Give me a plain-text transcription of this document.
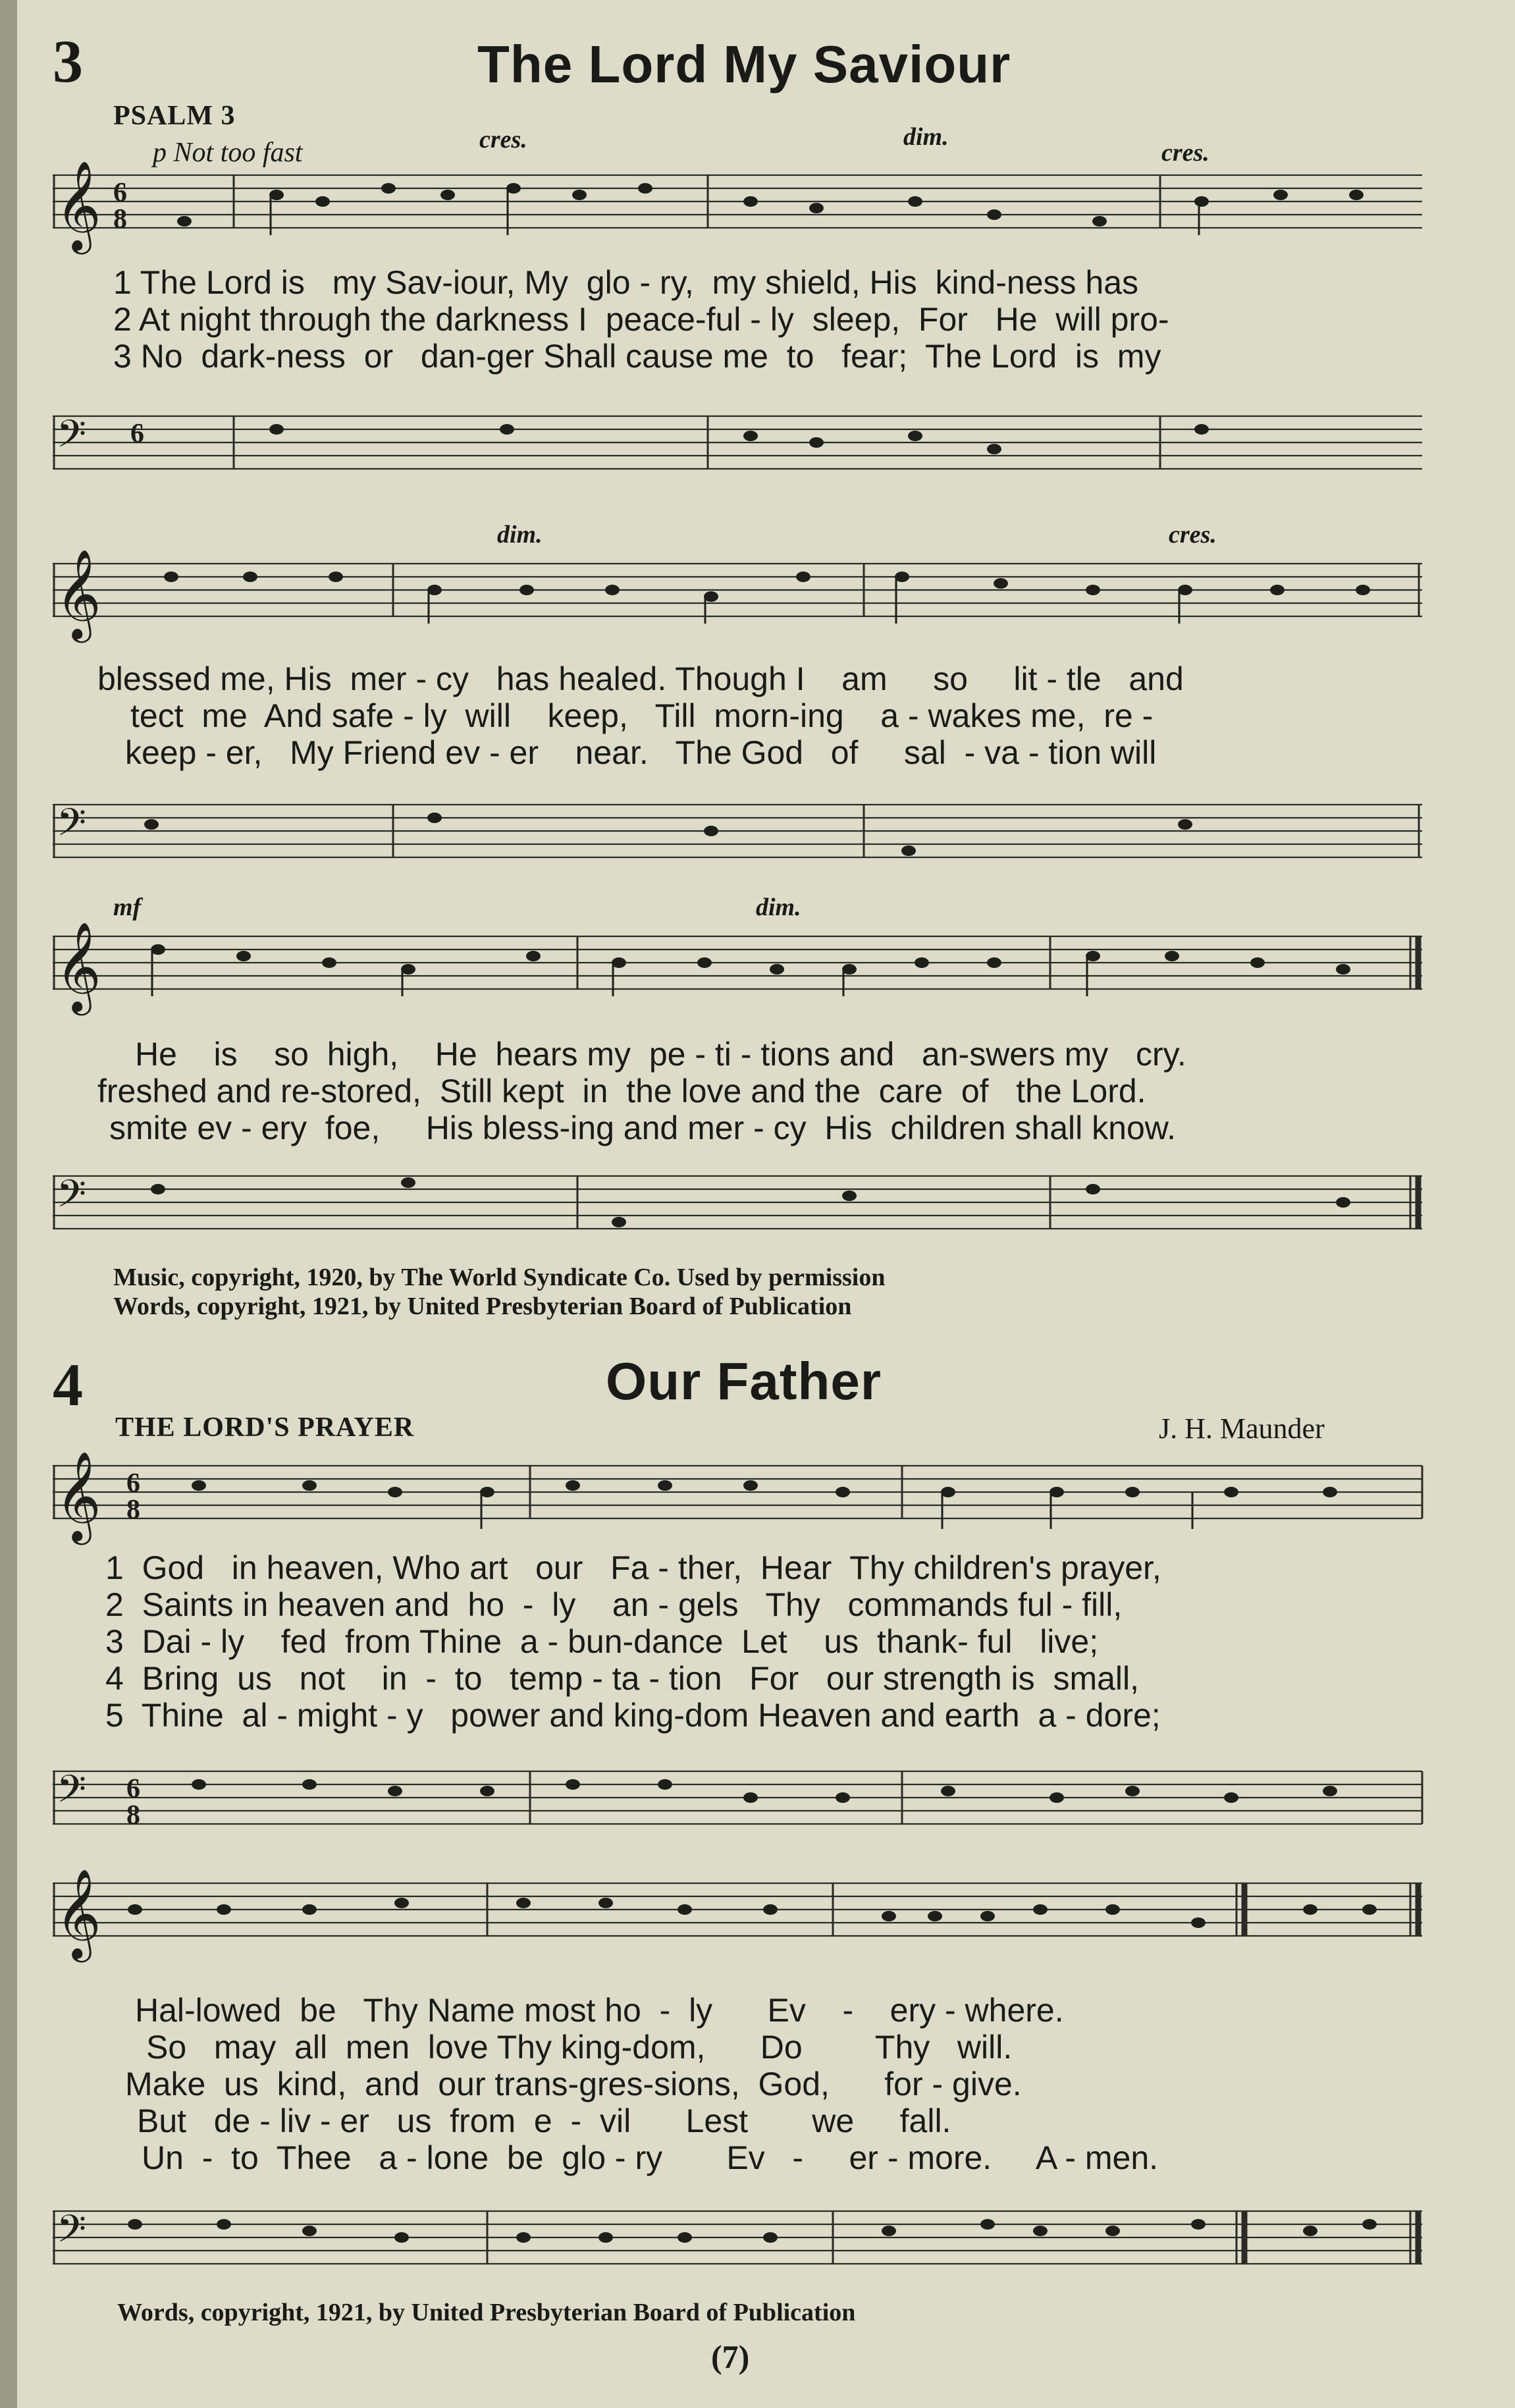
3	The Lord My Saviour
PSALM 3
p Not too fast	cres.	dim.
cres.
𝄞 6
8
1 The Lord is   my Sav-iour, My  glo - ry,  my shield, His  kind-ness has
2 At night through the darkness I  peace-ful - ly  sleep,  For   He  will pro-
3 No  dark-ness  or   dan-ger Shall cause me  to   fear;  The Lord  is  my
𝄢 6
𝄞
dim.	cres.
blessed me, His  mer - cy   has healed. Though I    am     so     lit - tle   and
tect  me  And safe - ly  will    keep,   Till  morn-ing    a - wakes me,  re -
keep - er,   My Friend ev - er    near.   The God   of     sal  - va - tion will
𝄢
𝄞
mf	dim.
He    is    so  high,    He  hears my  pe - ti - tions and   an-swers my   cry.
freshed and re-stored,  Still kept  in  the love and the  care  of   the Lord.
smite ev - ery  foe,     His bless-ing and mer - cy  His  children shall know.
𝄢
Music, copyright, 1920, by The World Syndicate Co. Used by permission
Words, copyright, 1921, by United Presbyterian Board of Publication
4	Our Father
THE LORD'S PRAYER	J. H. Maunder
𝄞 6
8
1  God   in heaven, Who art   our   Fa - ther,  Hear  Thy children's prayer,
2  Saints in heaven and  ho  -  ly    an - gels   Thy   commands ful - fill,
3  Dai - ly    fed  from Thine  a - bun-dance  Let    us  thank- ful   live;
4  Bring  us   not    in  -  to   temp - ta - tion   For   our strength is  small,
5  Thine  al - might - y   power and king-dom Heaven and earth  a - dore;
𝄢 6
8
𝄞
Hal-lowed  be   Thy Name most ho  -  ly      Ev    -    ery - where.
So   may  all  men  love Thy king-dom,      Do        Thy   will.
Make  us  kind,  and  our trans-gres-sions,  God,      for - give.
But   de - liv - er   us  from  e  -  vil      Lest       we     fall.
Un  -  to  Thee   a - lone  be  glo - ry       Ev   -     er - more.     A - men.
𝄢
Words, copyright, 1921, by United Presbyterian Board of Publication
(7)
